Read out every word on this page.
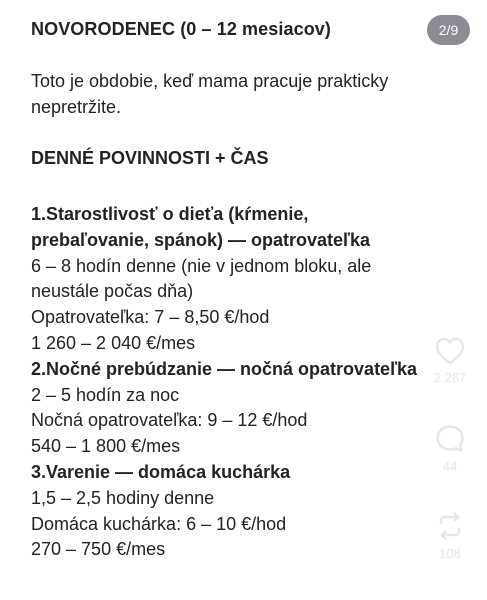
NOVORODENEC (0 – 12 mesiacov)	2/9
Toto je obdobie, keď mama pracuje prakticky nepretržite.
DENNÉ POVINNOSTI + ČAS
1.Starostlivosť o dieťa (kŕmenie,
prebaľovanie, spánok) — opatrovateľka
6 – 8 hodín denne (nie v jednom bloku, ale
neustále počas dňa)
Opatrovateľka: 7 – 8,50 €/hod
1 260 – 2 040 €/mes
2.Nočné prebúdzanie — nočná opatrovateľka
2 – 5 hodín za noc
Nočná opatrovateľka: 9 – 12 €/hod
540 – 1 800 €/mes
3.Varenie — domáca kuchárka
1,5 – 2,5 hodiny denne
Domáca kuchárka: 6 – 10 €/hod
270 – 750 €/mes
2 287
44
108
